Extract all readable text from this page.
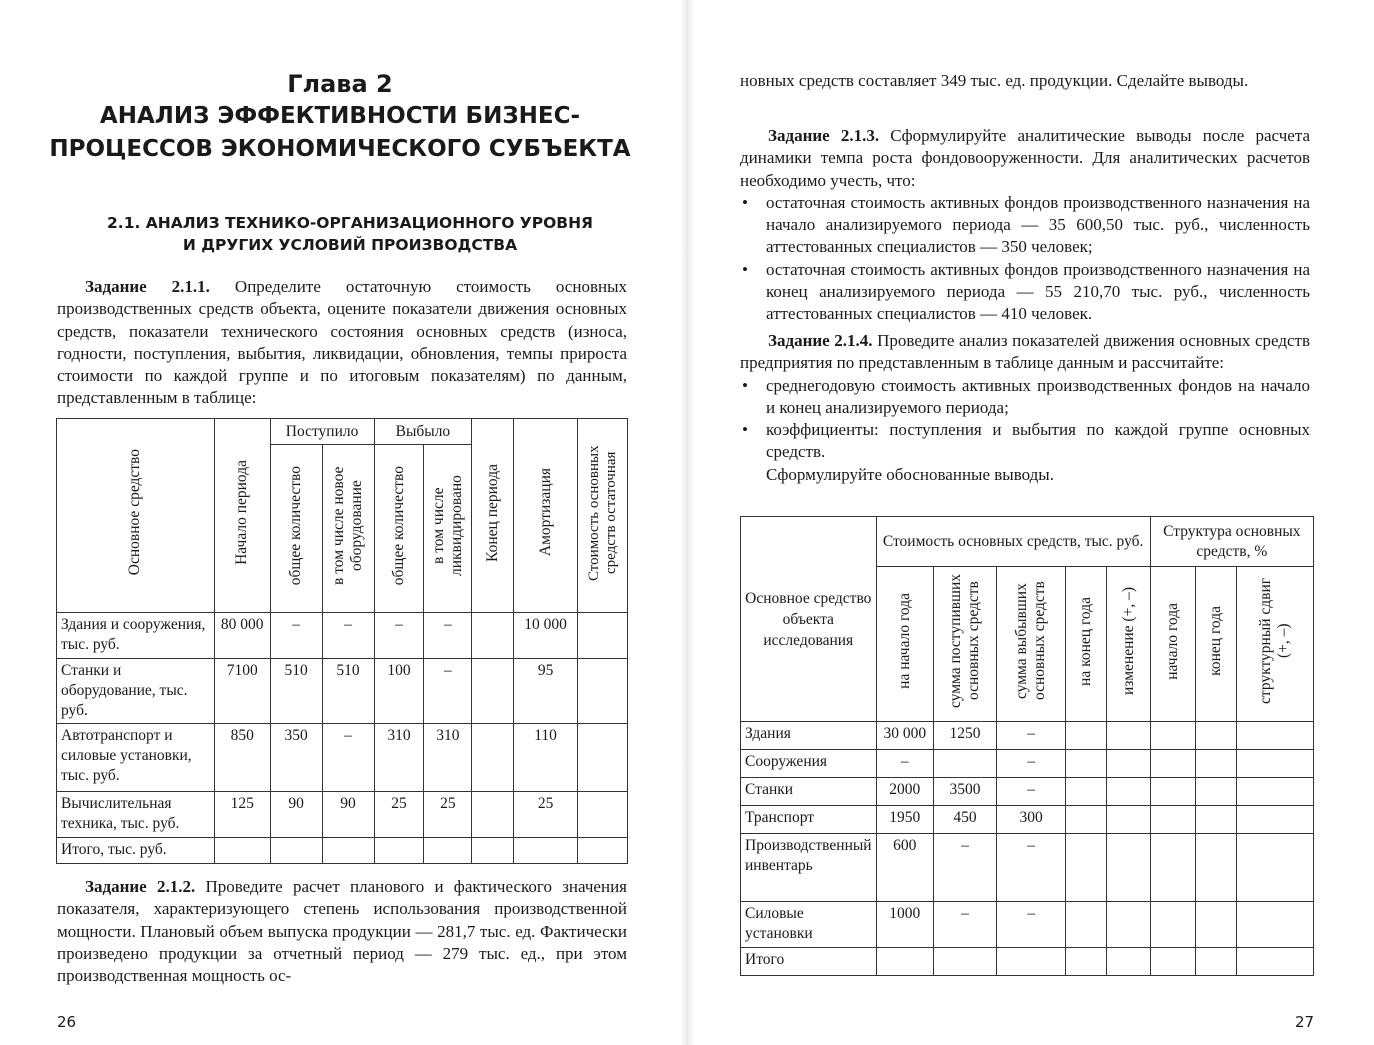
Глава 2
АНАЛИЗ ЭФФЕКТИВНОСТИ БИЗНЕС-
ПРОЦЕССОВ ЭКОНОМИЧЕСКОГО СУБЪЕКТА
2.1. АНАЛИЗ ТЕХНИКО-ОРГАНИЗАЦИОННОГО УРОВНЯ
И ДРУГИХ УСЛОВИЙ ПРОИЗВОДСТВА

Задание 2.1.1. Определите остаточную стоимость основных производственных средств объекта, оцените показатели движения основных средств, показатели технического состояния основных средств (износа, годности, поступления, выбытия, ликвидации, обновления, темпы прироста стоимости по каждой группе и по итоговым показателям) по данным, представленным в таблице:

Основное средство	Начало периода	Поступило		Выбыло		Конец периода	Амортизация	Стоимость основных средств остаточная
		общее количество	в том числе новое оборудование	общее количество	в том числе ликвидировано			
Здания и сооружения, тыс. руб.	80 000	–	–	–	–		10 000	
Станки и оборудование, тыс. руб.	7100	510	510	100	–		95	
Автотранспорт и силовые установки, тыс. руб.	850	350	–	310	310		110	
Вычислительная техника, тыс. руб.	125	90	90	25	25		25	
Итого, тыс. руб.								

Задание 2.1.2. Проведите расчет планового и фактического значения показателя, характеризующего степень использования производственной мощности. Плановый объем выпуска продукции — 281,7 тыс. ед. Фактически произведено продукции за отчетный период — 279 тыс. ед., при этом производственная мощность ос-

26

новных средств составляет 349 тыс. ед. продукции. Сделайте выводы.

Задание 2.1.3. Сформулируйте аналитические выводы после расчета динамики темпа роста фондовооруженности. Для аналитических расчетов необходимо учесть, что:

• остаточная стоимость активных фондов производственного назначения на начало анализируемого периода — 35 600,50 тыс. руб., численность аттестованных специалистов — 350 человек;

• остаточная стоимость активных фондов производственного назначения на конец анализируемого периода — 55 210,70 тыс. руб., численность аттестованных специалистов — 410 человек.

Задание 2.1.4. Проведите анализ показателей движения основных средств предприятия по представленным в таблице данным и рассчитайте:

• среднегодовую стоимость активных производственных фондов на начало и конец анализируемого периода;

• коэффициенты: поступления и выбытия по каждой группе основных средств.

Сформулируйте обоснованные выводы.

Основное средство объекта исследования	Стоимость основных средств, тыс. руб.					Структура основных средств, %		
	на начало года	сумма поступивших основных средств	сумма выбывших основных средств	на конец года	изменение (+, –)	начало года	конец года	структурный сдвиг (+, –)
Здания	30 000	1250	–					
Сооружения	–		–					
Станки	2000	3500	–					
Транспорт	1950	450	300					
Производственный инвентарь	600	–	–					
Силовые установки	1000	–	–					
Итого								
27
